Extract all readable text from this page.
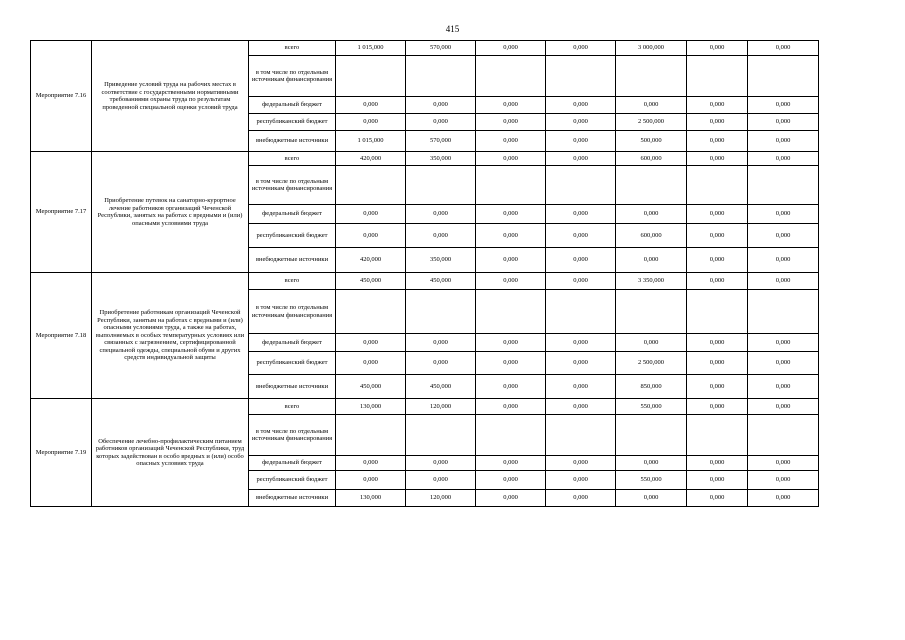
415
Мероприятие 7.16	Приведение условий труда на рабочих местах в соответствие с государственными нормативными требованиями охраны труда по результатам проведенной специальной оценки условий труда	всего	1 015,000	570,000	0,000	0,000	3 000,000	0,000	0,000
		в том числе по отдельным источникам финансирования							
		федеральный бюджет	0,000	0,000	0,000	0,000	0,000	0,000	0,000
		республиканский бюджет	0,000	0,000	0,000	0,000	2 500,000	0,000	0,000
		внебюджетные источники	1 015,000	570,000	0,000	0,000	500,000	0,000	0,000
Мероприятие 7.17	Приобретение путевок на санаторно-курортное лечение работников организаций Чеченской Республики, занятых на работах с вредными и (или) опасными условиями труда	всего	420,000	350,000	0,000	0,000	600,000	0,000	0,000
		в том числе по отдельным источникам финансирования							
		федеральный бюджет	0,000	0,000	0,000	0,000	0,000	0,000	0,000
		республиканский бюджет	0,000	0,000	0,000	0,000	600,000	0,000	0,000
		внебюджетные источники	420,000	350,000	0,000	0,000	0,000	0,000	0,000
Мероприятие 7.18	Приобретение работникам организаций Чеченской Республики, занятым на работах с вредными и (или) опасными условиями труда, а также на работах, выполняемых в особых температурных условиях или связанных с загрязнением, сертифицированной специальной одежды, специальной обуви и других средств индивидуальной защиты	всего	450,000	450,000	0,000	0,000	3 350,000	0,000	0,000
		в том числе по отдельным источникам финансирования							
		федеральный бюджет	0,000	0,000	0,000	0,000	0,000	0,000	0,000
		республиканский бюджет	0,000	0,000	0,000	0,000	2 500,000	0,000	0,000
		внебюджетные источники	450,000	450,000	0,000	0,000	850,000	0,000	0,000
Мероприятие 7.19	Обеспечение лечебно-профилактическим питанием работников организаций Чеченской Республики, труд которых задействован в особо вредных и (или) особо опасных условиях труда	всего	130,000	120,000	0,000	0,000	550,000	0,000	0,000
		в том числе по отдельным источникам финансирования							
		федеральный бюджет	0,000	0,000	0,000	0,000	0,000	0,000	0,000
		республиканский бюджет	0,000	0,000	0,000	0,000	550,000	0,000	0,000
		внебюджетные источники	130,000	120,000	0,000	0,000	0,000	0,000	0,000
